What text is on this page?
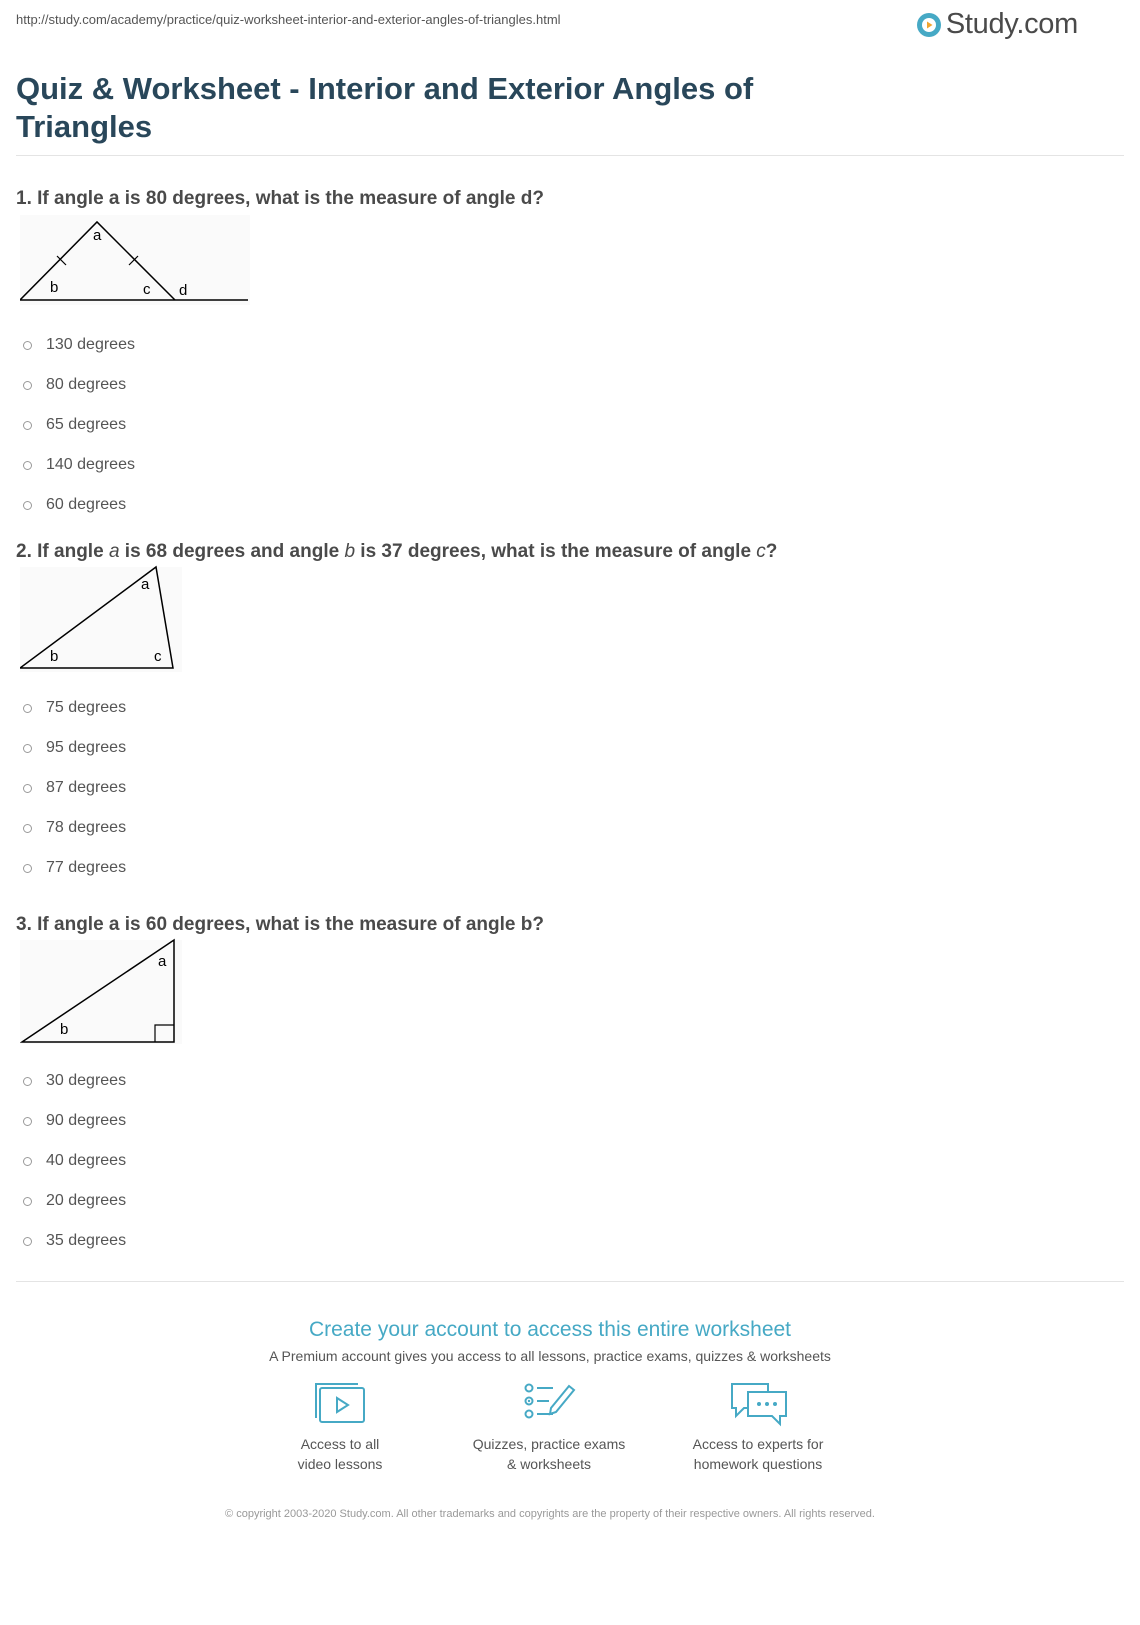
http://study.com/academy/practice/quiz-worksheet-interior-and-exterior-angles-of-triangles.html	Study.com
Quiz & Worksheet - Interior and Exterior Angles of Triangles

1. If angle a is 80 degrees, what is the measure of angle d?

a
b	c d
130 degrees
80 degrees
65 degrees
140 degrees
60 degrees

2. If angle a is 68 degrees and angle b is 37 degrees, what is the measure of angle c?

a
b	c
75 degrees
95 degrees
87 degrees
78 degrees
77 degrees

3. If angle a is 60 degrees, what is the measure of angle b?

a
b
30 degrees
90 degrees
40 degrees
20 degrees
35 degrees

Create your account to access this entire worksheet

A Premium account gives you access to all lessons, practice exams, quizzes & worksheets
Access to all
video lessons
Quizzes, practice exams
& worksheets
Access to experts for
homework questions
© copyright 2003-2020 Study.com. All other trademarks and copyrights are the property of their respective owners. All rights reserved.
